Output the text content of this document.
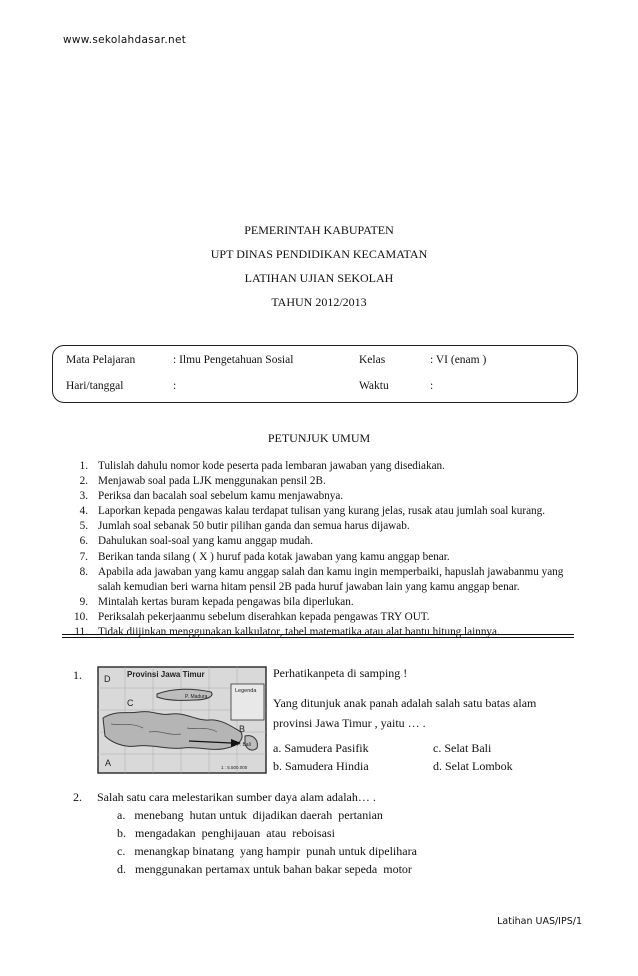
www.sekolahdasar.net
PEMERINTAH KABUPATEN
UPT DINAS PENDIDIKAN KECAMATAN
LATIHAN UJIAN SEKOLAH
TAHUN 2012/2013
Mata Pelajaran	: Ilmu Pengetahuan Sosial	Kelas	: VI (enam )
Hari/tanggal	:	Waktu	:
PETUNJUK UMUM
1. Tulislah dahulu nomor kode peserta pada lembaran jawaban yang disediakan.
2. Menjawab soal pada LJK menggunakan pensil 2B.
3. Periksa dan bacalah soal sebelum kamu menjawabnya.
4. Laporkan kepada pengawas kalau terdapat tulisan yang kurang jelas, rusak atau jumlah soal kurang.
5. Jumlah soal sebanak 50 butir pilihan ganda dan semua harus dijawab.
6. Dahulukan soal-soal yang kamu anggap mudah.
7. Berikan tanda silang ( X ) huruf pada kotak jawaban yang kamu anggap benar.
8. Apabila ada jawaban yang kamu anggap salah dan kamu ingin memperbaiki, hapuslah jawabanmu yang salah kemudian beri warna hitam pensil 2B pada huruf jawaban lain yang kamu anggap benar.
9. Mintalah kertas buram kepada pengawas bila diperlukan.
10. Periksalah pekerjaanmu sebelum diserahkan kepada pengawas TRY OUT.
11. Tidak diijinkan menggunakan kalkulator, tabel matematika atau alat bantu hitung lainnya.
1.
Legenda
Provinsi Jawa Timur
P. Madura
P. Bali
1 : 5.500.000
A
B
C
D	Perhatikanpeta di samping !
Yang ditunjuk anak panah adalah salah satu batas alam
provinsi Jawa Timur , yaitu … .
a. Samudera Pasifik
b. Samudera Hindia
c. Selat Bali
d. Selat Lombok
2. Salah satu cara melestarikan sumber daya alam adalah… .
a.   menebang  hutan untuk  dijadikan daerah  pertanian
b.   mengadakan  penghijauan  atau  reboisasi
c.   menangkap binatang  yang hampir  punah untuk dipelihara
d.   menggunakan pertamax untuk bahan bakar sepeda  motor
Latihan UAS/IPS/1
